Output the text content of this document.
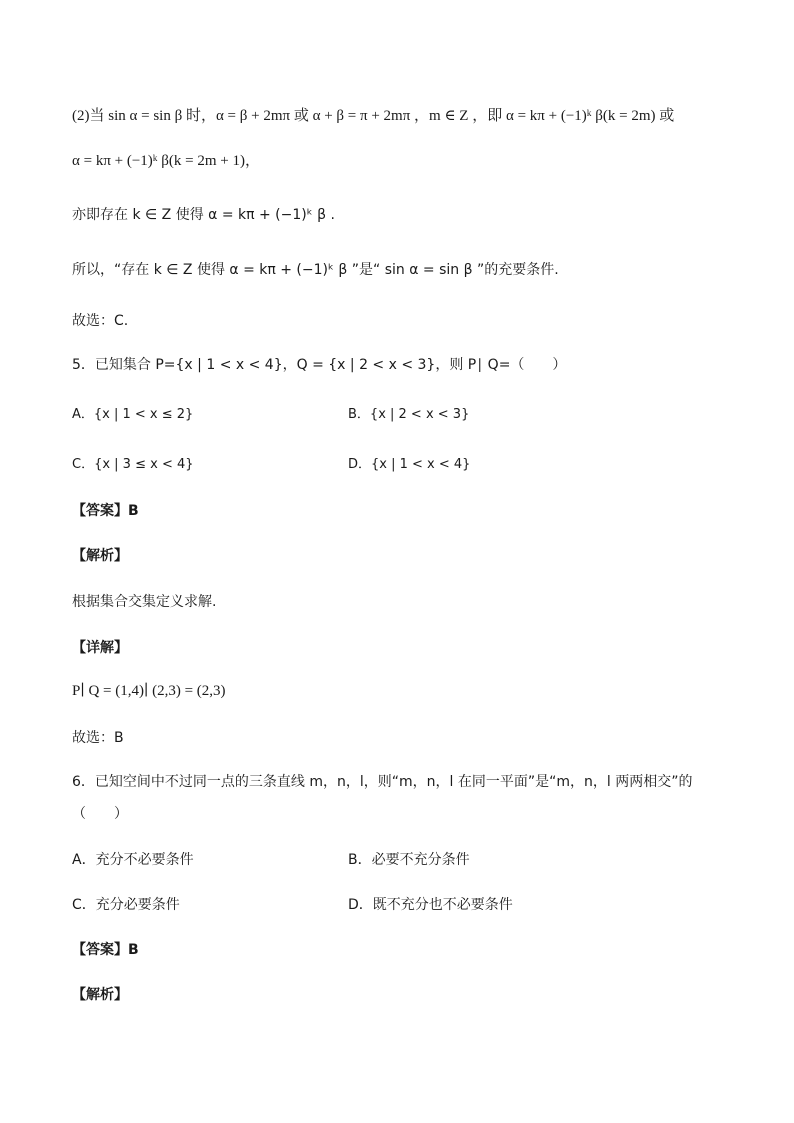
(2)当 sin α = sin β 时，α = β + 2mπ 或 α + β = π + 2mπ ，m ∈ Z ，即 α = kπ + (−1)ᵏ β(k = 2m) 或
α = kπ + (−1)ᵏ β(k = 2m + 1)，
亦即存在 k ∈ Z 使得 α = kπ + (−1)ᵏ β .
所以，“存在 k ∈ Z 使得 α = kπ + (−1)ᵏ β ”是“ sin α = sin β ”的充要条件.
故选：C.
5．已知集合 P={x | 1 < x < 4}，Q = {x | 2 < x < 3}，则 P∣ Q=（　　）
A．{x | 1 < x ≤ 2}	B．{x | 2 < x < 3}
C．{x | 3 ≤ x < 4}	D．{x | 1 < x < 4}
【答案】B
【解析】
根据集合交集定义求解.
【详解】
P∣ Q = (1,4)∣ (2,3) = (2,3)
故选：B
6．已知空间中不过同一点的三条直线 m，n，l，则“m，n，l 在同一平面”是“m，n，l 两两相交”的
（　　）
A．充分不必要条件	B．必要不充分条件
C．充分必要条件	D．既不充分也不必要条件
【答案】B
【解析】
